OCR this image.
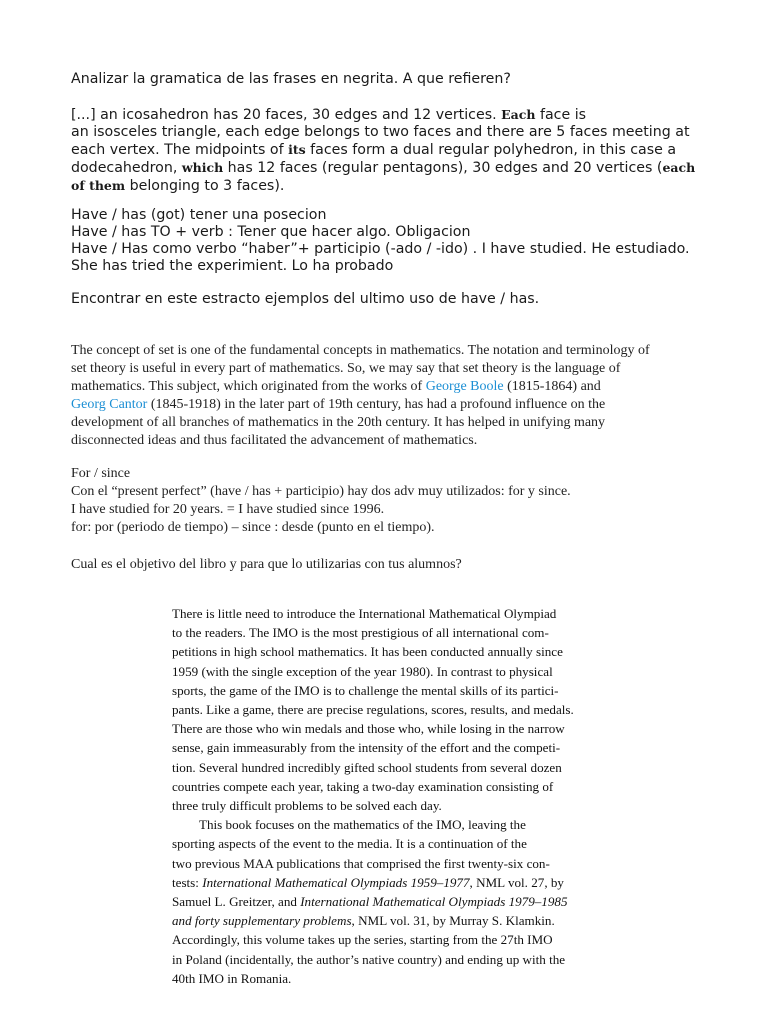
Analizar la gramatica de las frases en negrita. A que refieren?

[...] an icosahedron has 20 faces, 30 edges and 12 vertices. Each face is
an isosceles triangle, each edge belongs to two faces and there are 5 faces meeting at
each vertex. The midpoints of its faces form a dual regular polyhedron, in this case a
dodecahedron, which has 12 faces (regular pentagons), 30 edges and 20 vertices (each
of them belonging to 3 faces).
Have / has (got) tener una posecion
Have / has TO + verb : Tener que hacer algo. Obligacion
Have / Has como verbo “haber”+ participio (-ado / -ido) . I have studied. He estudiado.
She has tried the experimient. Lo ha probado

Encontrar en este estracto ejemplos del ultimo uso de have / has.

The concept of set is one of the fundamental concepts in mathematics. The notation and terminology of
set theory is useful in every part of mathematics. So, we may say that set theory is the language of
mathematics. This subject, which originated from the works of George Boole (1815-1864) and
Georg Cantor (1845-1918) in the later part of 19th century, has had a profound influence on the
development of all branches of mathematics in the 20th century. It has helped in unifying many
disconnected ideas and thus facilitated the advancement of mathematics.
For / since
Con el “present perfect” (have / has + participio) hay dos adv muy utilizados: for y since.
I have studied for 20 years. = I have studied since 1996.
for: por (periodo de tiempo) – since : desde (punto en el tiempo).

Cual es el objetivo del libro y para que lo utilizarias con tus alumnos?

There is little need to introduce the International Mathematical Olympiad
to the readers. The IMO is the most prestigious of all international com-
petitions in high school mathematics. It has been conducted annually since
1959 (with the single exception of the year 1980). In contrast to physical
sports, the game of the IMO is to challenge the mental skills of its partici-
pants. Like a game, there are precise regulations, scores, results, and medals.
There are those who win medals and those who, while losing in the narrow
sense, gain immeasurably from the intensity of the effort and the competi-
tion. Several hundred incredibly gifted school students from several dozen
countries compete each year, taking a two-day examination consisting of
three truly difficult problems to be solved each day.
This book focuses on the mathematics of the IMO, leaving the
sporting aspects of the event to the media. It is a continuation of the
two previous MAA publications that comprised the first twenty-six con-
tests: International Mathematical Olympiads 1959–1977 , NML vol. 27, by
Samuel L. Greitzer, and International Mathematical Olympiads 1979–1985
and forty supplementary problems , NML vol. 31, by Murray S. Klamkin.
Accordingly, this volume takes up the series, starting from the 27th IMO
in Poland (incidentally, the author’s native country) and ending up with the
40th IMO in Romania.
